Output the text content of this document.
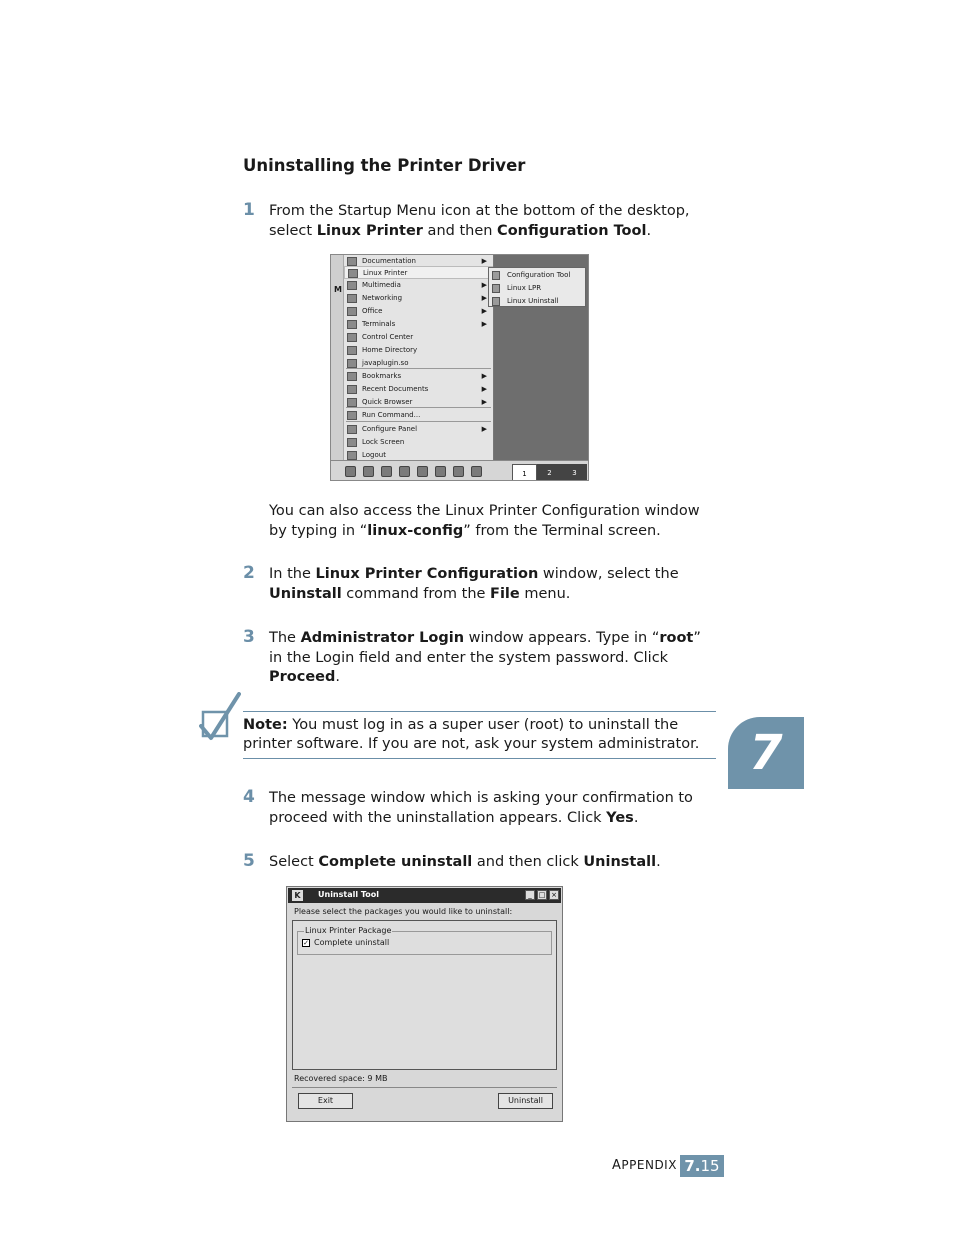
Uninstalling the Printer Driver
1 From the Startup Menu icon at the bottom of the desktop,
select Linux Printer and then Configuration Tool.
M
Documentation	▶
Linux Printer
Multimedia	▶
Networking	▶
Office	▶
Terminals	▶
Control Center
Home Directory
javaplugin.so
Bookmarks	▶
Recent Documents	▶
Quick Browser	▶
Run Command...
Configure Panel	▶
Lock Screen
Logout
Configuration Tool
Linux LPR
Linux Uninstall
1	2	3
You can also access the Linux Printer Configuration window
by typing in “linux-config” from the Terminal screen.
2 In the Linux Printer Configuration window, select the
Uninstall command from the File menu.
3 The Administrator Login window appears. Type in “root”
in the Login field and enter the system password. Click
Proceed.
Note: You must log in as a super user (root) to uninstall the
printer software. If you are not, ask your system administrator.	7
4 The message window which is asking your confirmation to
proceed with the uninstallation appears. Click Yes.
5 Select Complete uninstall and then click Uninstall.
K	Uninstall Tool	_ □ ×
Please select the packages you would like to uninstall:
Linux Printer Package
✓ Complete uninstall
Recovered space: 9 MB
Exit	Uninstall
APPENDIX 7.15
